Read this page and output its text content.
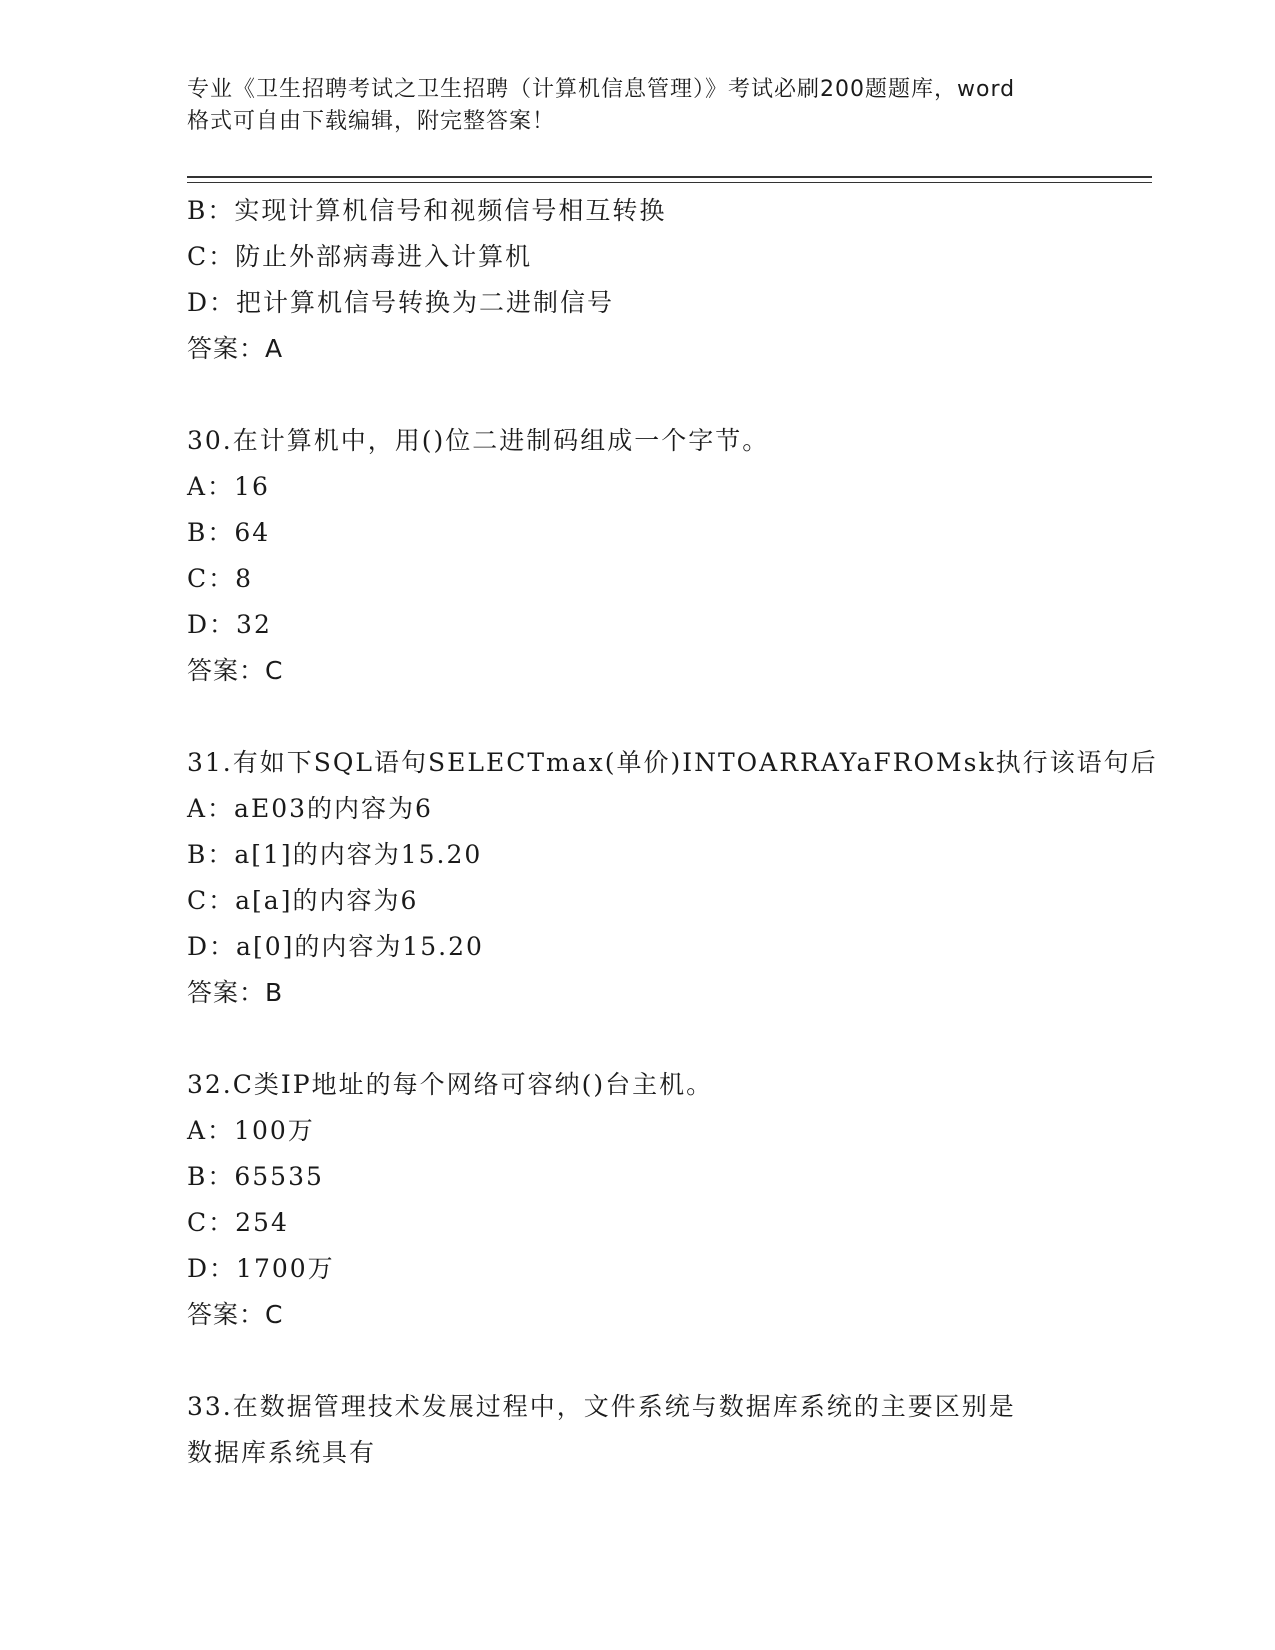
专业《卫生招聘考试之卫生招聘（计算机信息管理）》考试必刷200题题库，word
格式可自由下载编辑，附完整答案！
B：实现计算机信号和视频信号相互转换
C：防止外部病毒进入计算机
D：把计算机信号转换为二进制信号
答案：A
30.在计算机中，用()位二进制码组成一个字节。
A：16
B：64
C：8
D：32
答案：C
31.有如下SQL语句SELECTmax(单价)INTOARRAYaFROMsk执行该语句后
A：aE03的内容为6
B：a[1]的内容为15.20
C：a[a]的内容为6
D：a[0]的内容为15.20
答案：B
32.C类IP地址的每个网络可容纳()台主机。
A：100万
B：65535
C：254
D：1700万
答案：C
33.在数据管理技术发展过程中，文件系统与数据库系统的主要区别是
数据库系统具有
